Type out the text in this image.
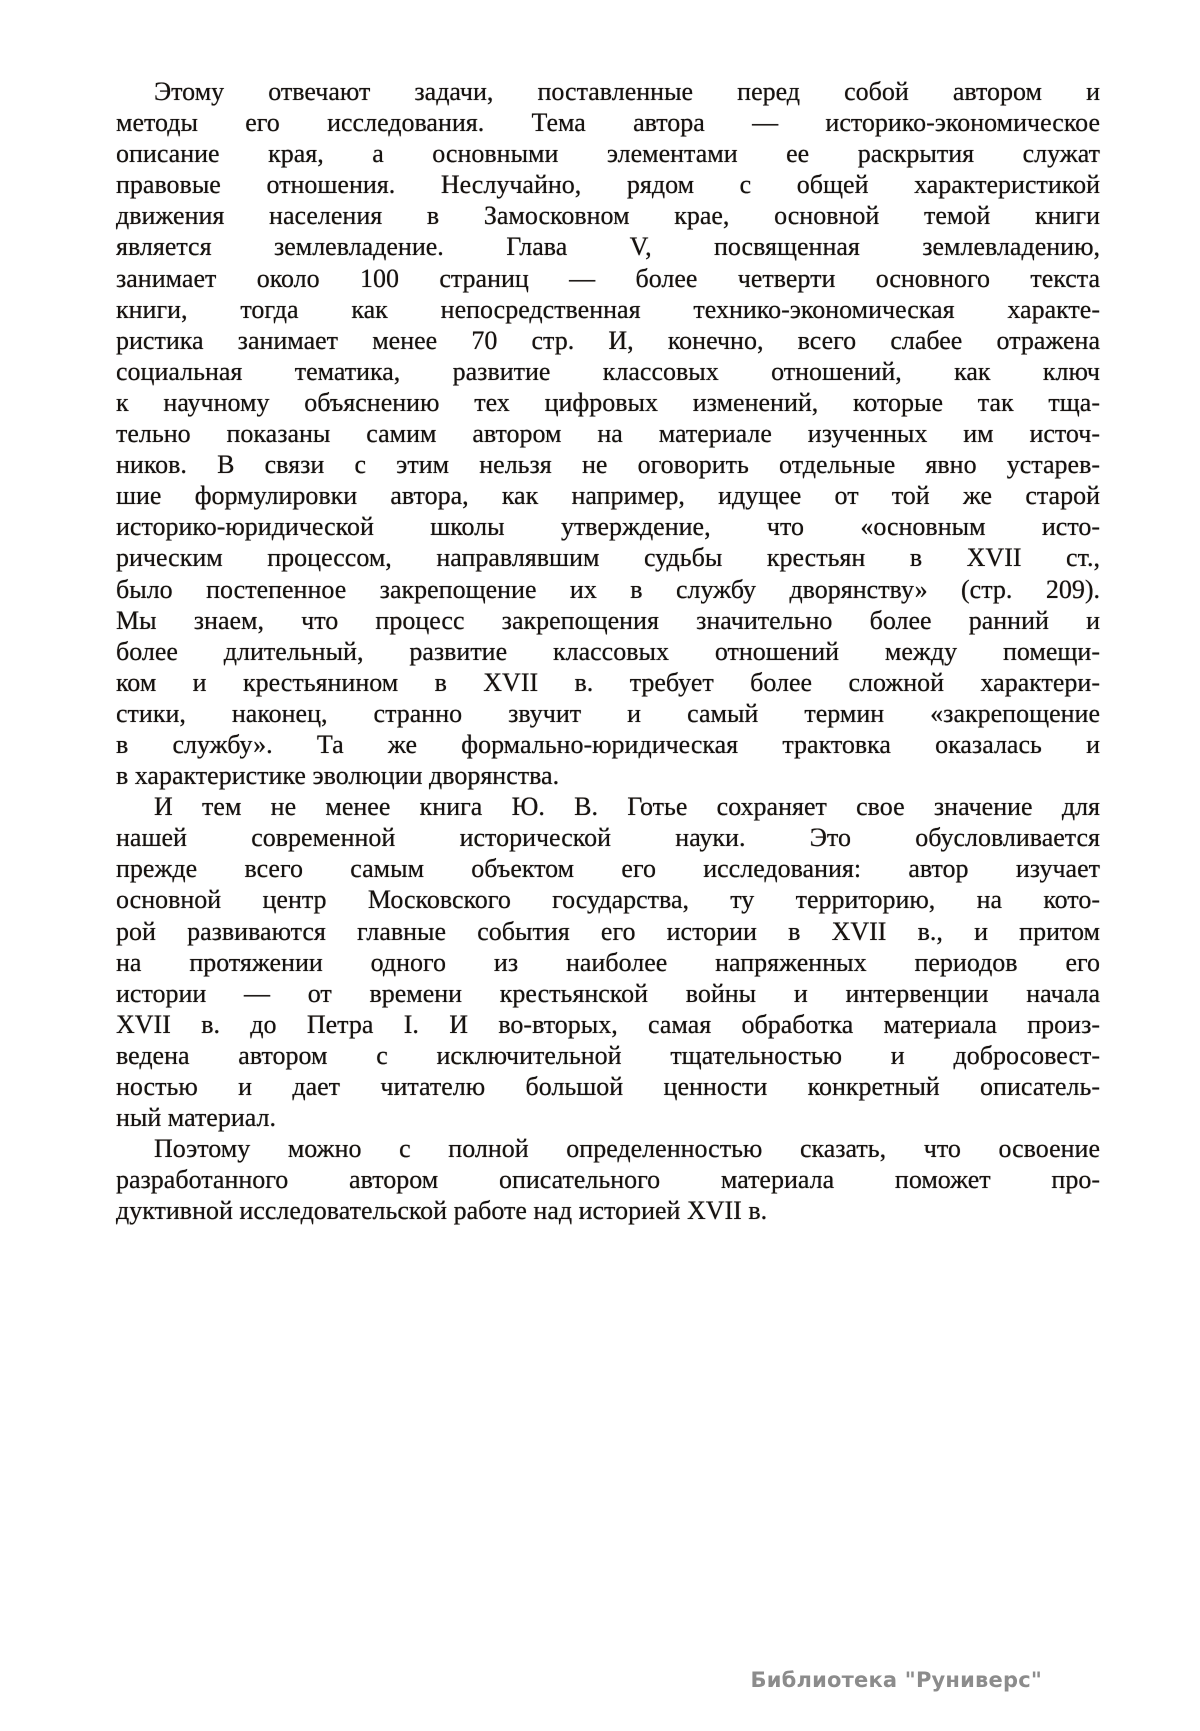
Этому отвечают задачи, поставленные перед собой автором и
методы его исследования. Тема автора — историко-экономическое
описание края, а основными элементами ее раскрытия служат
правовые отношения. Неслучайно, рядом с общей характеристикой
движения населения в Замосковном крае, основной темой книги
является землевладение. Глава V, посвященная землевладению,
занимает около 100 страниц — более четверти основного текста
книги, тогда как непосредственная технико-экономическая характе-
ристика занимает менее 70 стр. И, конечно, всего слабее отражена
социальная тематика, развитие классовых отношений, как ключ
к научному объяснению тех цифровых изменений, которые так тща-
тельно показаны самим автором на материале изученных им источ-
ников. В связи с этим нельзя не оговорить отдельные явно устарев-
шие формулировки автора, как например, идущее от той же старой
историко-юридической школы утверждение, что «основным исто-
рическим процессом, направлявшим судьбы крестьян в XVII ст.,
было постепенное закрепощение их в службу дворянству» (стр. 209).
Мы знаем, что процесс закрепощения значительно более ранний и
более длительный, развитие классовых отношений между помещи-
ком и крестьянином в XVII в. требует более сложной характери-
стики, наконец, странно звучит и самый термин «закрепощение
в службу». Та же формально-юридическая трактовка оказалась и
в характеристике эволюции дворянства.
И тем не менее книга Ю. В. Готье сохраняет свое значение для
нашей современной исторической науки. Это обусловливается
прежде всего самым объектом его исследования: автор изучает
основной центр Московского государства, ту территорию, на кото-
рой развиваются главные события его истории в XVII в., и притом
на протяжении одного из наиболее напряженных периодов его
истории — от времени крестьянской войны и интервенции начала
XVII в. до Петра I. И во-вторых, самая обработка материала произ-
ведена автором с исключительной тщательностью и добросовест-
ностью и дает читателю большой ценности конкретный описатель-
ный материал.
Поэтому можно с полной определенностью сказать, что освоение
разработанного автором описательного материала поможет про-
дуктивной исследовательской работе над историей XVII в.
Библиотека "Руниверс"
